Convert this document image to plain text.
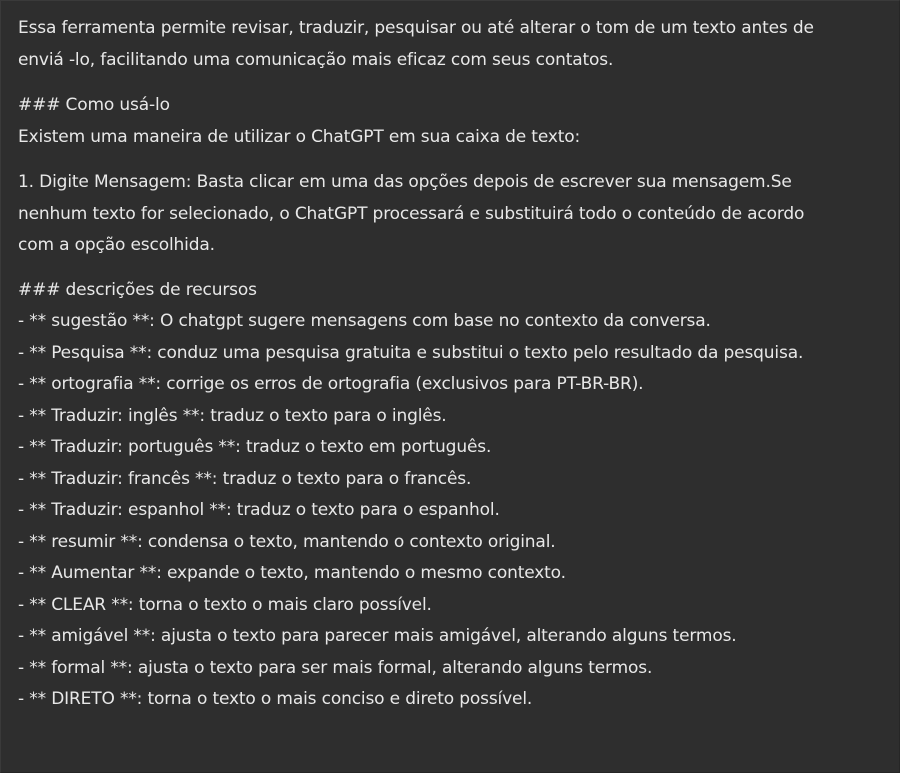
Essa ferramenta permite revisar, traduzir, pesquisar ou até alterar o tom de um texto antes de
enviá -lo, facilitando uma comunicação mais eficaz com seus contatos.
### Como usá-lo
Existem uma maneira de utilizar o ChatGPT em sua caixa de texto:
1. Digite Mensagem: Basta clicar em uma das opções depois de escrever sua mensagem.Se
nenhum texto for selecionado, o ChatGPT processará e substituirá todo o conteúdo de acordo
com a opção escolhida.
### descrições de recursos
- ** sugestão **: O chatgpt sugere mensagens com base no contexto da conversa.
- ** Pesquisa **: conduz uma pesquisa gratuita e substitui o texto pelo resultado da pesquisa.
- ** ortografia **: corrige os erros de ortografia (exclusivos para PT-BR-BR).
- ** Traduzir: inglês **: traduz o texto para o inglês.
- ** Traduzir: português **: traduz o texto em português.
- ** Traduzir: francês **: traduz o texto para o francês.
- ** Traduzir: espanhol **: traduz o texto para o espanhol.
- ** resumir **: condensa o texto, mantendo o contexto original.
- ** Aumentar **: expande o texto, mantendo o mesmo contexto.
- ** CLEAR **: torna o texto o mais claro possível.
- ** amigável **: ajusta o texto para parecer mais amigável, alterando alguns termos.
- ** formal **: ajusta o texto para ser mais formal, alterando alguns termos.
- ** DIRETO **: torna o texto o mais conciso e direto possível.
